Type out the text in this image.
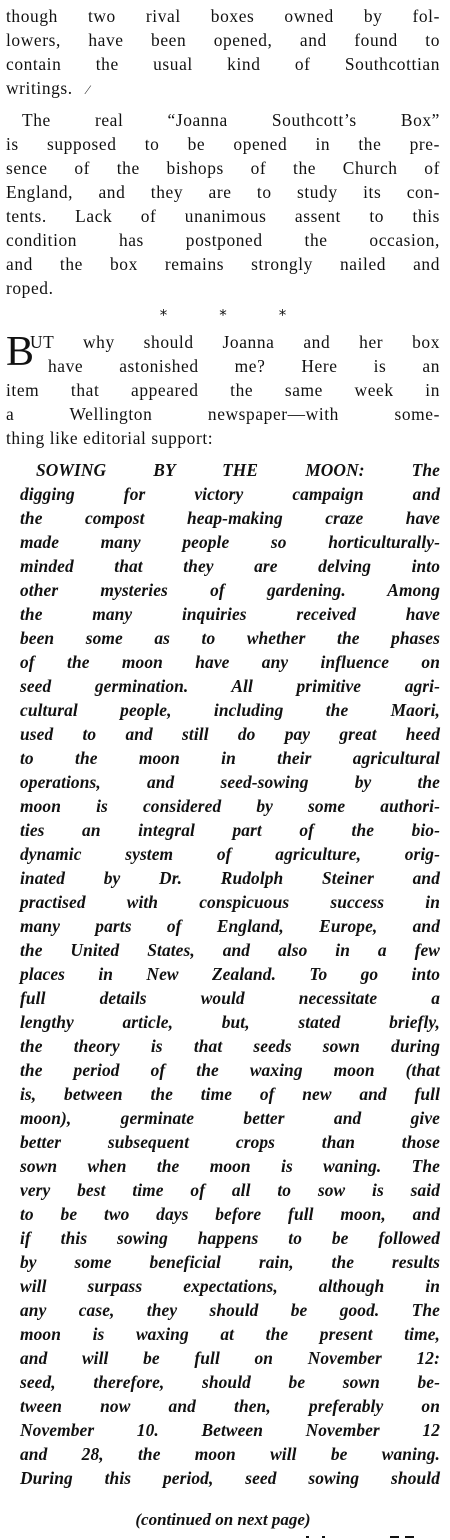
though two rival boxes owned by fol-
lowers, have been opened, and found to
contain the usual kind of Southcottian
writings. ⁄
The real “Joanna Southcott’s Box”
is supposed to be opened in the pre-
sence of the bishops of the Church of
England, and they are to study its con-
tents. Lack of unanimous assent to this
condition has postponed the occasion,
and the box remains strongly nailed and
roped.
*	*	*
B
UT why should Joanna and her box
have astonished me? Here is an
item that appeared the same week in
a Wellington newspaper—with some-
thing like editorial support:
SOWING BY THE MOON: The
digging for victory campaign and
the compost heap-making craze have
made many people so horticulturally-
minded that they are delving into
other mysteries of gardening. Among
the many inquiries received have
been some as to whether the phases
of the moon have any influence on
seed germination. All primitive agri-
cultural people, including the Maori,
used to and still do pay great heed
to the moon in their agricultural
operations, and seed-sowing by the
moon is considered by some authori-
ties an integral part of the bio-
dynamic system of agriculture, orig-
inated by Dr. Rudolph Steiner and
practised with conspicuous success in
many parts of England, Europe, and
the United States, and also in a few
places in New Zealand. To go into
full details would necessitate a
lengthy article, but, stated briefly,
the theory is that seeds sown during
the period of the waxing moon (that
is, between the time of new and full
moon), germinate better and give
better subsequent crops than those
sown when the moon is waning. The
very best time of all to sow is said
to be two days before full moon, and
if this sowing happens to be followed
by some beneficial rain, the results
will surpass expectations, although in
any case, they should be good. The
moon is waxing at the present time,
and will be full on November 12:
seed, therefore, should be sown be-
tween now and then, preferably on
November 10. Between November 12
and 28, the moon will be waning.
During this period, seed sowing should
(continued on next page)
